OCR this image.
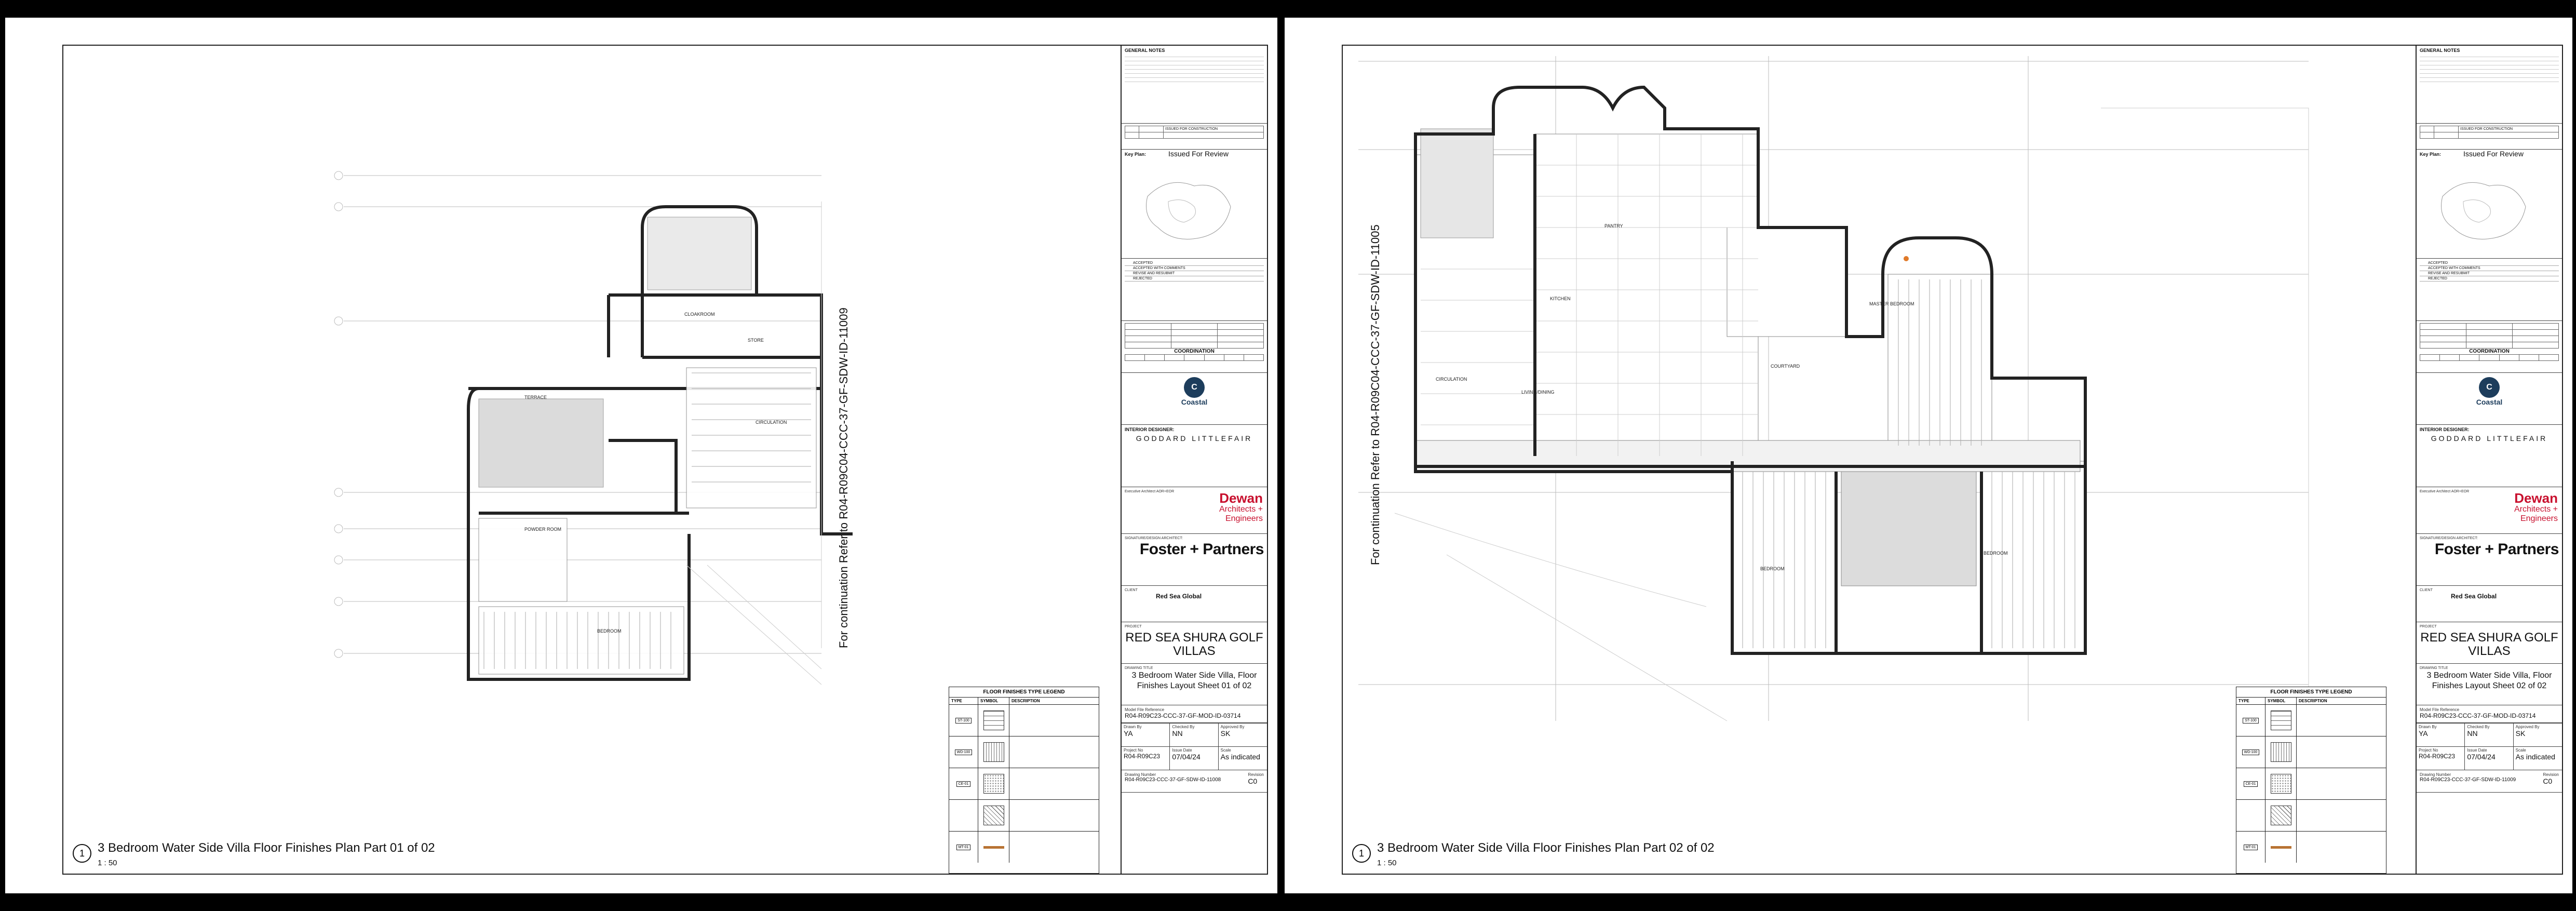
For continuation Refer to R04-R09C04-CCC-37-GF-SDW-ID-11009
1	3 Bedroom Water Side Villa Floor Finishes Plan Part 01 of 02
1 : 50
FLOOR FINISHES TYPE LEGEND
TYPE	SYMBOL	DESCRIPTION
ST-100
WD-100
CE-01
MT-01
GENERAL NOTES
		ISSUED FOR CONSTRUCTION

Key Plan:	Issued For Review
ACCEPTED
ACCEPTED WITH COMMENTS
REVISE AND RESUBMIT
REJECTED

COORDINATION

C
Coastal
INTERIOR DESIGNER:
GODDARD LITTLEFAIR
Executive Architect AOR+EOR	Dewan
Architects +
Engineers
SIGNATURE/DESIGN ARCHITECT:
Foster + Partners
CLIENT
Red Sea Global
PROJECT
RED SEA SHURA GOLF VILLAS
DRAWING TITLE
3 Bedroom Water Side Villa, Floor Finishes Layout Sheet 01 of 02
Model File Reference
R04-R09C23-CCC-37-GF-MOD-ID-03714
Drawn By
YA
Checked By
NN
Approved By
SK
Project No
R04-R09C23
Issue Date
07/04/24
Scale
As indicated
Drawing Number
R04-R09C23-CCC-37-GF-SDW-ID-11008
Revision
C0
For continuation Refer to R04-R09C04-CCC-37-GF-SDW-ID-11005
1	3 Bedroom Water Side Villa Floor Finishes Plan Part 02 of 02
1 : 50
FLOOR FINISHES TYPE LEGEND
TYPE	SYMBOL	DESCRIPTION
ST-100
WD-100
CE-01
MT-01
GENERAL NOTES
		ISSUED FOR CONSTRUCTION

Key Plan:	Issued For Review
ACCEPTED
ACCEPTED WITH COMMENTS
REVISE AND RESUBMIT
REJECTED

COORDINATION

C
Coastal
INTERIOR DESIGNER:
GODDARD LITTLEFAIR
Executive Architect AOR+EOR	Dewan
Architects +
Engineers
SIGNATURE/DESIGN ARCHITECT:
Foster + Partners
CLIENT
Red Sea Global
PROJECT
RED SEA SHURA GOLF VILLAS
DRAWING TITLE
3 Bedroom Water Side Villa, Floor Finishes Layout Sheet 02 of 02
Model File Reference
R04-R09C23-CCC-37-GF-MOD-ID-03714
Drawn By
YA
Checked By
NN
Approved By
SK
Project No
R04-R09C23
Issue Date
07/04/24
Scale
As indicated
Drawing Number
R04-R09C23-CCC-37-GF-SDW-ID-11009
Revision
C0
CLOAKROOM
STORE
CIRCULATION
POWDER ROOM
BEDROOM
TERRACE
KITCHEN
PANTRY
LIVING/DINING
CIRCULATION
COURTYARD
BEDROOM
BEDROOM
MASTER BEDROOM
